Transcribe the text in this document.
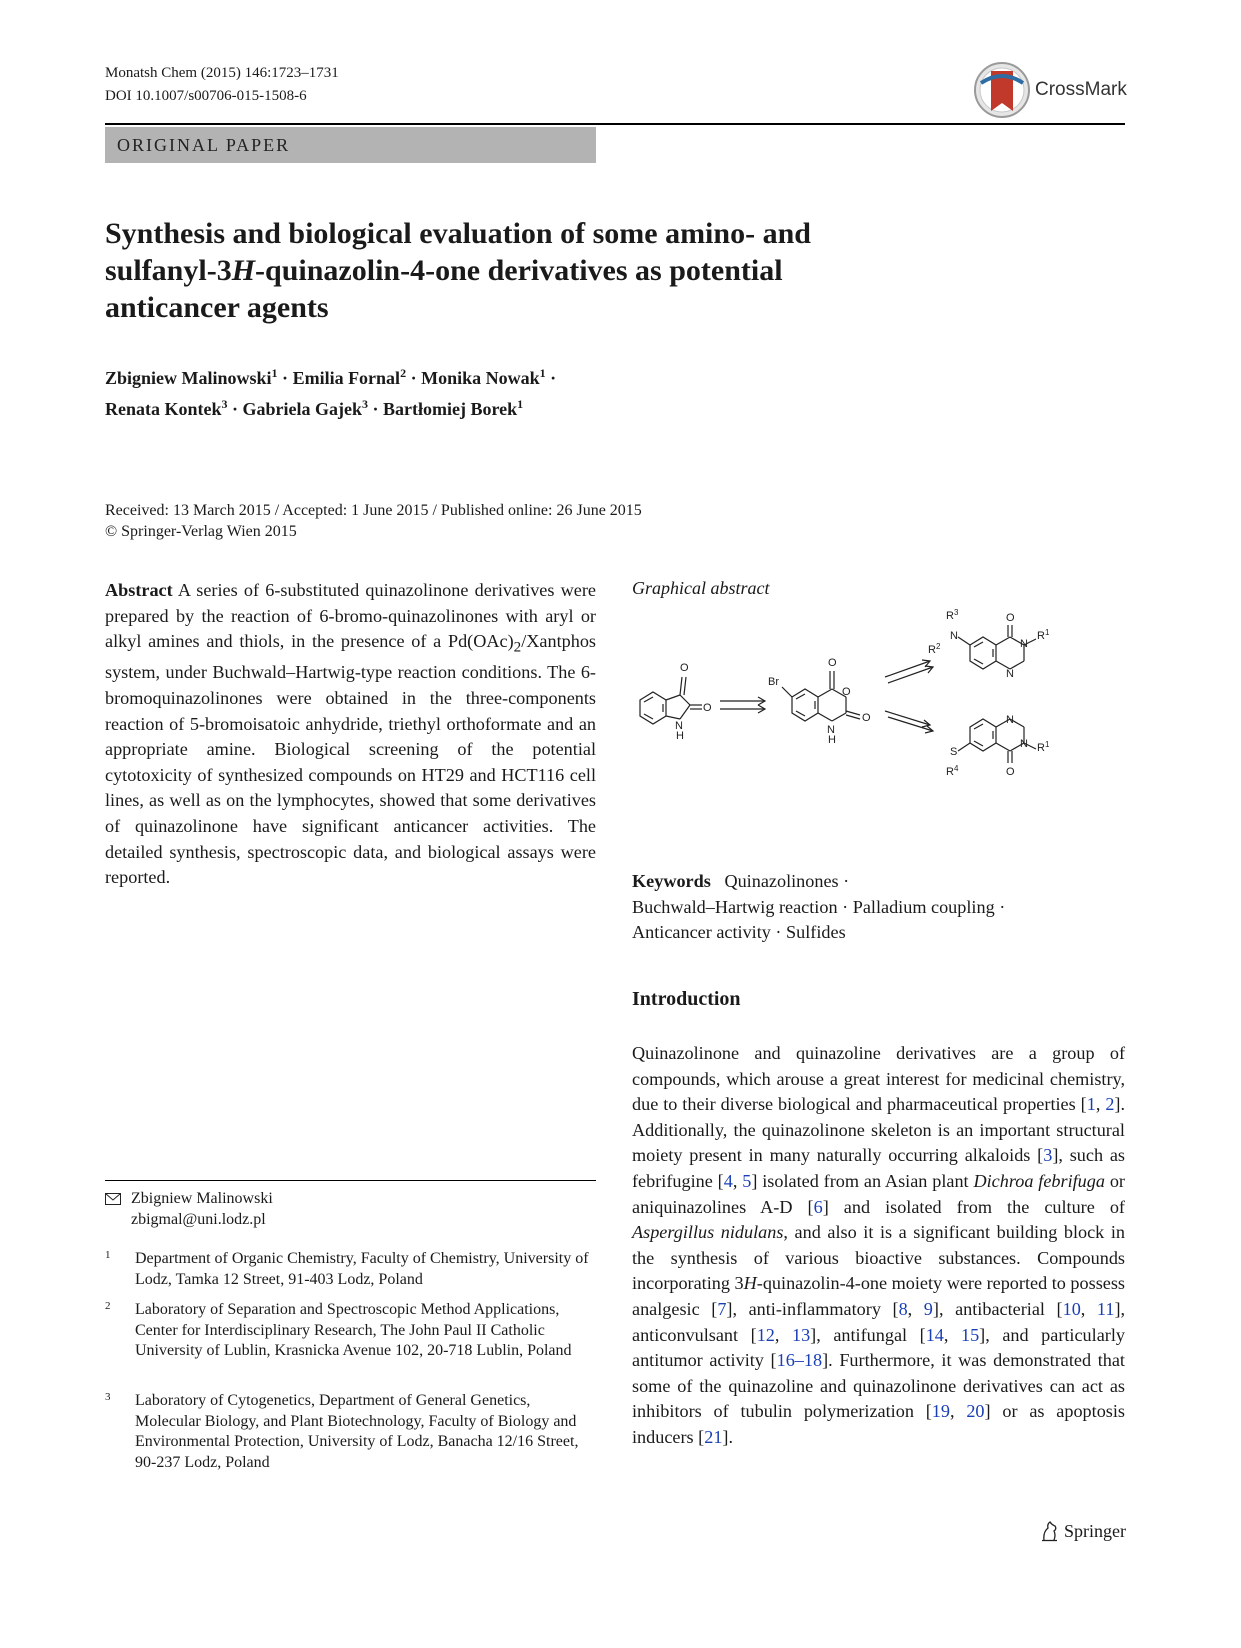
Monatsh Chem (2015) 146:1723–1731
DOI 10.1007/s00706-015-1508-6	CrossMark
ORIGINAL PAPER
Synthesis and biological evaluation of some amino- and
sulfanyl-3H-quinazolin-4-one derivatives as potential
anticancer agents
Zbigniew Malinowski$^1$ · Emilia Fornal$^2$ · Monika Nowak$^1$ ·
Renata Kontek$^3$ · Gabriela Gajek$^3$ · Bartłomiej Borek$^1$
Received: 13 March 2015 / Accepted: 1 June 2015 / Published online: 26 June 2015
© Springer-Verlag Wien 2015
Abstract A series of 6-substituted quinazolinone derivatives were prepared by the reaction of 6-bromo-quinazolinones with aryl or alkyl amines and thiols, in the presence of a $Pd(OAc)_2$/Xantphos system, under Buchwald–Hartwig-type reaction conditions. The 6-bromoquinazolinones were obtained in the three-components reaction of 5-bromoisatoic anhydride, triethyl orthoformate and an appropriate amine. Biological screening of the potential cytotoxicity of synthesized compounds on HT29 and HCT116 cell lines, as well as on the lymphocytes, showed that some derivatives of quinazolinone have significant anticancer activities. The detailed synthesis, spectroscopic data, and biological assays were reported.
Graphical abstract
O
O
N
H
Br
O
O
O
N
H
O
N
N
N	$R^1$
$R^2$
$R^3$
N
N
O
S	$R^1$
$R^4$
Keywords Quinazolinones ·
Buchwald–Hartwig reaction · Palladium coupling ·
Anticancer activity · Sulfides
Introduction
Quinazolinone and quinazoline derivatives are a group of compounds, which arouse a great interest for medicinal chemistry, due to their diverse biological and pharmaceutical properties [1, 2]. Additionally, the quinazolinone skeleton is an important structural moiety present in many naturally occurring alkaloids [3], such as febrifugine [4, 5] isolated from an Asian plant Dichroa febrifuga or aniquinazolines A-D [6] and isolated from the culture of Aspergillus nidulans, and also it is a significant building block in the synthesis of various bioactive substances. Compounds incorporating 3H-quinazolin-4-one moiety were reported to possess analgesic [7], anti-inflammatory [8, 9], antibacterial [10, 11], anticonvulsant [12, 13], antifungal [14, 15], and particularly antitumor activity [16–18]. Furthermore, it was demonstrated that some of the quinazoline and quinazolinone derivatives can act as inhibitors of tubulin polymerization [19, 20] or as apoptosis inducers [21].
Zbigniew Malinowski
zbigmal@uni.lodz.pl
1 Department of Organic Chemistry, Faculty of Chemistry, University of Lodz, Tamka 12 Street, 91-403 Lodz, Poland
2 Laboratory of Separation and Spectroscopic Method Applications, Center for Interdisciplinary Research, The John Paul II Catholic University of Lublin, Krasnicka Avenue 102, 20-718 Lublin, Poland
3 Laboratory of Cytogenetics, Department of General Genetics, Molecular Biology, and Plant Biotechnology, Faculty of Biology and Environmental Protection, University of Lodz, Banacha 12/16 Street, 90-237 Lodz, Poland
Springer
